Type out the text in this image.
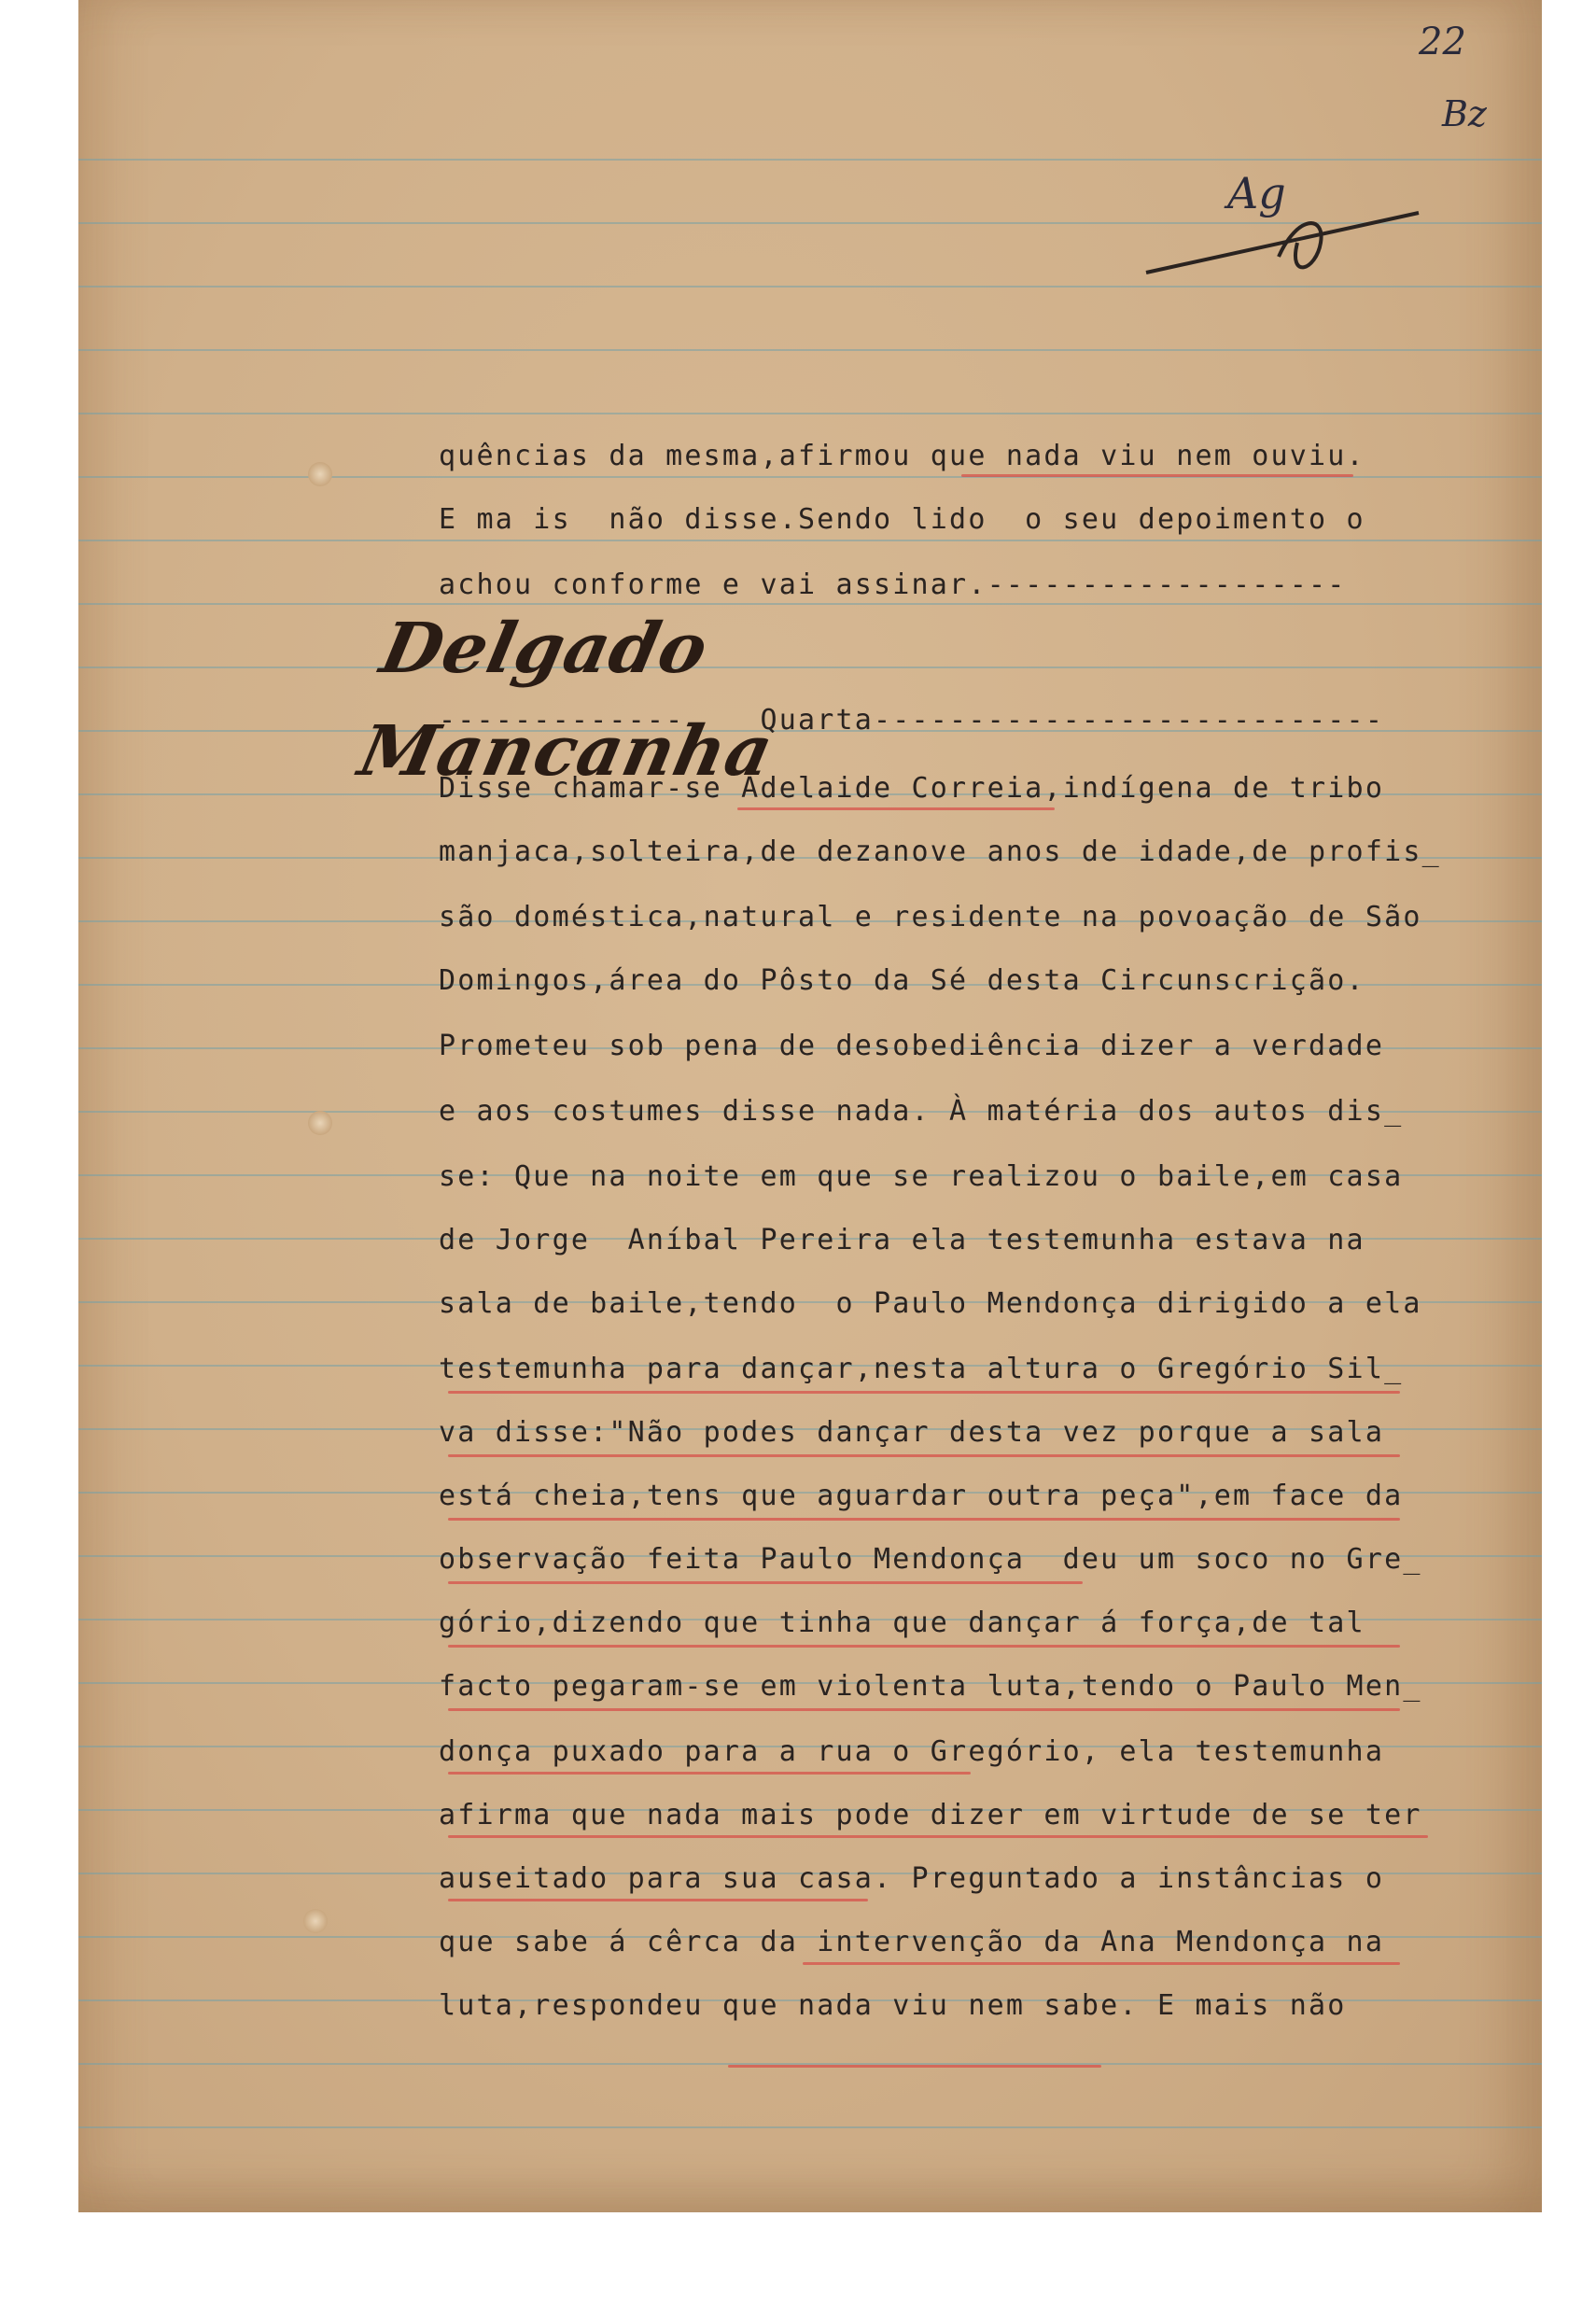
22
Bz
Ag
Delgado Mancanha
quências da mesma,afirmou que nada viu nem ouviu.
E ma is  não disse.Sendo lido  o seu depoimento o
achou conforme e vai assinar.-------------------
-------------    Quarta---------------------------
Disse chamar-se Adelaide Correia,indígena de tribo
manjaca,solteira,de dezanove anos de idade,de profis_
são doméstica,natural e residente na povoação de São
Domingos,área do Pôsto da Sé desta Circunscrição.
Prometeu sob pena de desobediência dizer a verdade
e aos costumes disse nada. À matéria dos autos dis_
se: Que na noite em que se realizou o baile,em casa
de Jorge  Aníbal Pereira ela testemunha estava na
sala de baile,tendo  o Paulo Mendonça dirigido a ela
testemunha para dançar,nesta altura o Gregório Sil_
va disse:"Não podes dançar desta vez porque a sala
está cheia,tens que aguardar outra peça",em face da
observação feita Paulo Mendonça  deu um soco no Gre_
gório,dizendo que tinha que dançar á força,de tal
facto pegaram-se em violenta luta,tendo o Paulo Men_
donça puxado para a rua o Gregório, ela testemunha
afirma que nada mais pode dizer em virtude de se ter
auseitado para sua casa. Preguntado a instâncias o
que sabe á cêrca da intervenção da Ana Mendonça na
luta,respondeu que nada viu nem sabe. E mais não
